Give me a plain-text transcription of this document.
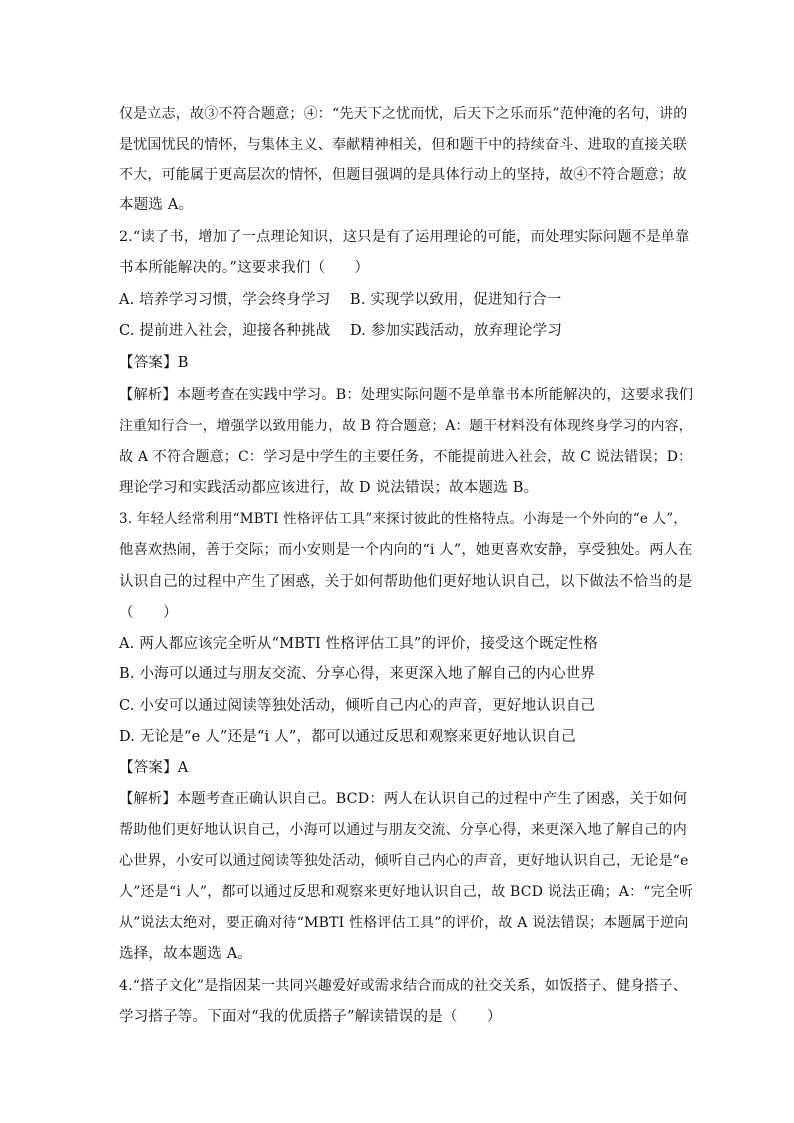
仅是立志，故③不符合题意；④：“先天下之忧而忧，后天下之乐而乐”范仲淹的名句，讲的
是忧国忧民的情怀，与集体主义、奉献精神相关，但和题干中的持续奋斗、进取的直接关联
不大，可能属于更高层次的情怀，但题目强调的是具体行动上的坚持，故④不符合题意；故
本题选 A。
2.“读了书，增加了一点理论知识，这只是有了运用理论的可能，而处理实际问题不是单靠
书本所能解决的。”这要求我们（　　）
A. 培养学习习惯，学会终身学习　 B. 实现学以致用，促进知行合一
C. 提前进入社会，迎接各种挑战　 D. 参加实践活动，放弃理论学习
【答案】B
【解析】本题考查在实践中学习。B：处理实际问题不是单靠书本所能解决的，这要求我们
注重知行合一，增强学以致用能力，故 B 符合题意；A：题干材料没有体现终身学习的内容，
故 A 不符合题意；C：学习是中学生的主要任务，不能提前进入社会，故 C 说法错误；D：
理论学习和实践活动都应该进行，故 D 说法错误；故本题选 B。
3. 年轻人经常利用“MBTI 性格评估工具”来探讨彼此的性格特点。小海是一个外向的“e 人”，
他喜欢热闹，善于交际；而小安则是一个内向的“i 人”，她更喜欢安静，享受独处。两人在
认识自己的过程中产生了困惑，关于如何帮助他们更好地认识自己，以下做法不恰当的是
（　　）
A. 两人都应该完全听从“MBTI 性格评估工具”的评价，接受这个既定性格
B. 小海可以通过与朋友交流、分享心得，来更深入地了解自己的内心世界
C. 小安可以通过阅读等独处活动，倾听自己内心的声音，更好地认识自己
D. 无论是“e 人”还是“i 人”，都可以通过反思和观察来更好地认识自己
【答案】A
【解析】本题考查正确认识自己。BCD：两人在认识自己的过程中产生了困惑，关于如何
帮助他们更好地认识自己，小海可以通过与朋友交流、分享心得，来更深入地了解自己的内
心世界，小安可以通过阅读等独处活动，倾听自己内心的声音，更好地认识自己，无论是“e
人”还是“i 人”，都可以通过反思和观察来更好地认识自己，故 BCD 说法正确；A：“完全听
从”说法太绝对，要正确对待“MBTI 性格评估工具”的评价，故 A 说法错误；本题属于逆向
选择，故本题选 A。
4.“搭子文化”是指因某一共同兴趣爱好或需求结合而成的社交关系，如饭搭子、健身搭子、
学习搭子等。下面对“我的优质搭子”解读错误的是（　　）
